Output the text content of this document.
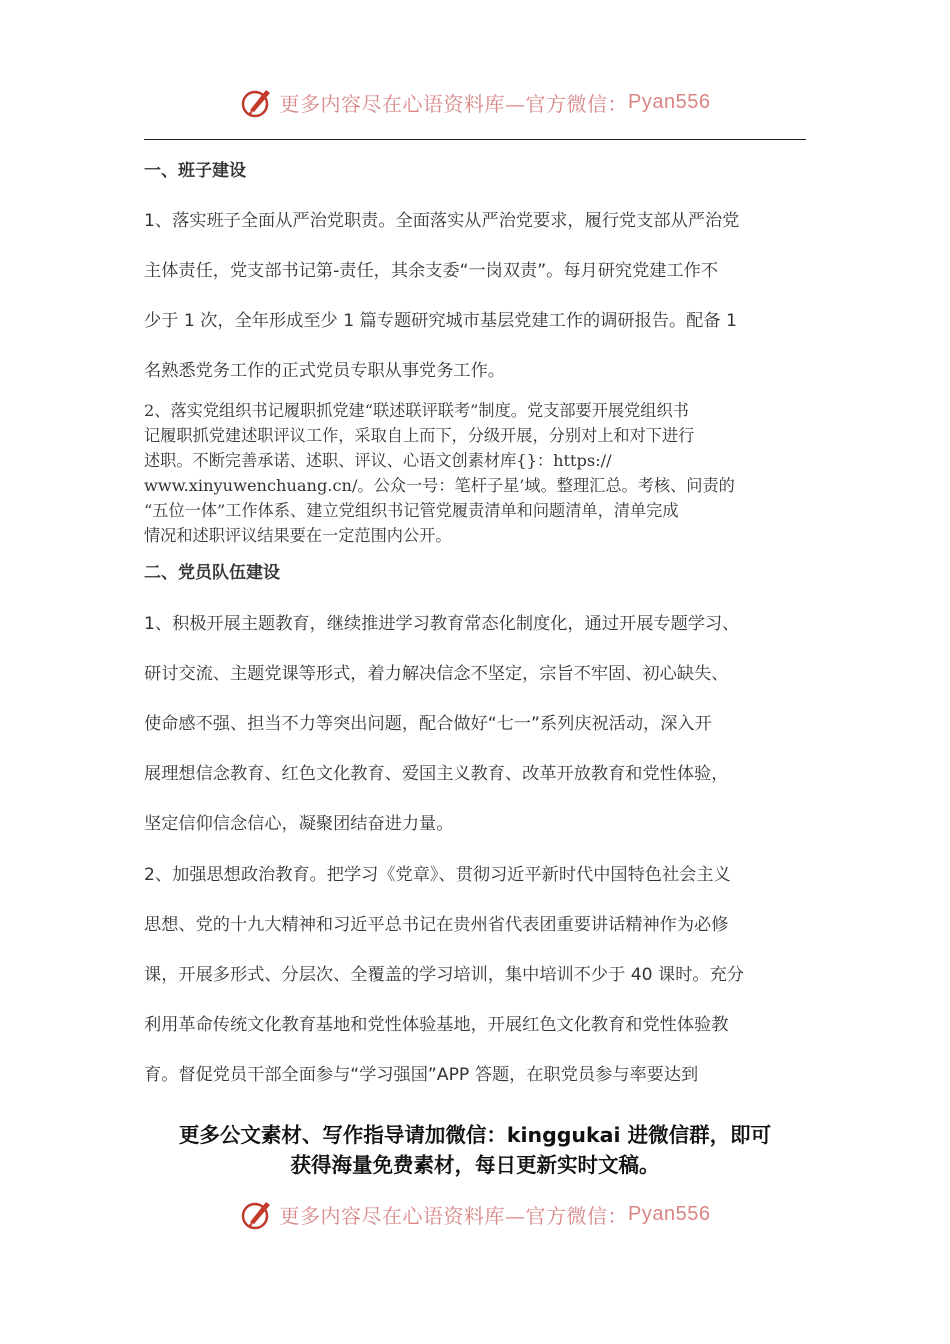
更多内容尽在心语资料库—官方微信： Pyan556

一、班子建设

1、落实班子全面从严治党职责。全面落实从严治党要求，履行党支部从严治党
主体责任，党支部书记第-责任，其余支委“一岗双责”。每月研究党建工作不
少于 1 次，全年形成至少 1 篇专题研究城市基层党建工作的调研报告。配备 1
名熟悉党务工作的正式党员专职从事党务工作。

2、落实党组织书记履职抓党建“联述联评联考”制度。党支部要开展党组织书
记履职抓党建述职评议工作，采取自上而下，分级开展，分别对上和对下进行
述职。不断完善承诺、述职、评议、心语文创素材库{}：https://
www.xinyuwenchuang.cn/。公众一号：笔杆子星’域。整理汇总。考核、问责的
“五位一体”工作体系、建立党组织书记管党履责清单和问题清单，清单完成
情况和述职评议结果要在一定范围内公开。

二、党员队伍建设

1、积极开展主题教育，继续推进学习教育常态化制度化，通过开展专题学习、
研讨交流、主题党课等形式，着力解决信念不坚定，宗旨不牢固、初心缺失、
使命感不强、担当不力等突出问题，配合做好“七一”系列庆祝活动，深入开
展理想信念教育、红色文化教育、爱国主义教育、改革开放教育和党性体验，
坚定信仰信念信心，凝聚团结奋进力量。

2、加强思想政治教育。把学习《党章》、贯彻习近平新时代中国特色社会主义
思想、党的十九大精神和习近平总书记在贵州省代表团重要讲话精神作为必修
课，开展多形式、分层次、全覆盖的学习培训，集中培训不少于 40 课时。充分
利用革命传统文化教育基地和党性体验基地，开展红色文化教育和党性体验教
育。督促党员干部全面参与“学习强国”APP 答题，在职党员参与率要达到

更多公文素材、写作指导请加微信：kinggukai 进微信群，即可
获得海量免费素材，每日更新实时文稿。
更多内容尽在心语资料库—官方微信： Pyan556
